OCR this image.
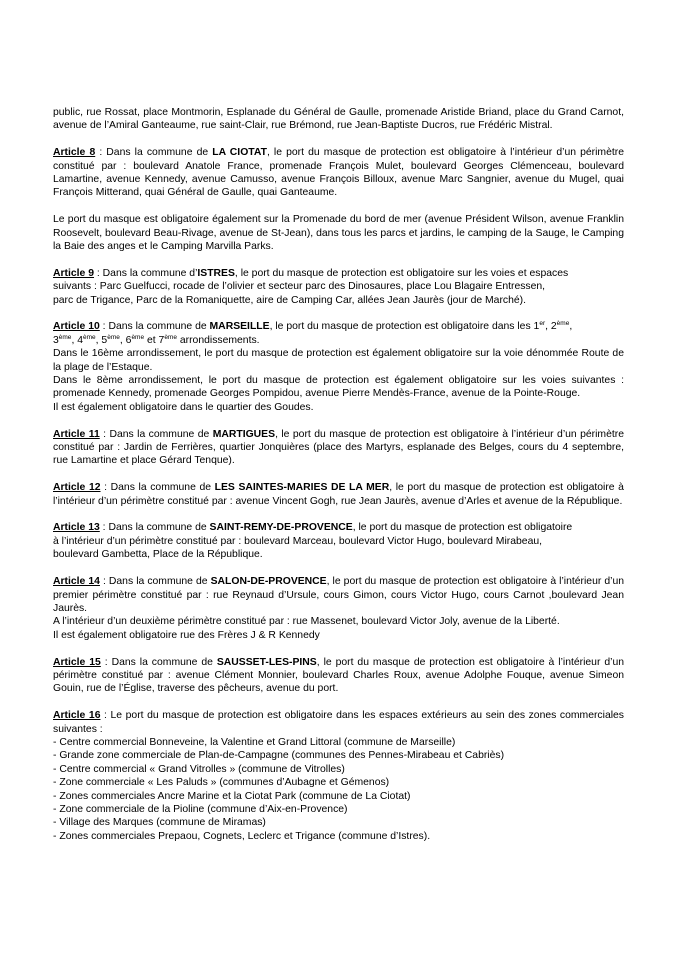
public, rue Rossat, place Montmorin, Esplanade du Général de Gaulle, promenade Aristide Briand, place du Grand Carnot, avenue de l’Amiral Ganteaume, rue saint-Clair, rue Brémond, rue Jean-Baptiste Ducros, rue Frédéric Mistral.

Article 8 : Dans la commune de LA CIOTAT, le port du masque de protection est obligatoire à l’intérieur d’un périmètre constitué par : boulevard Anatole France, promenade François Mulet, boulevard Georges Clémenceau, boulevard Lamartine, avenue Kennedy, avenue Camusso, avenue François Billoux, avenue Marc Sangnier, avenue du Mugel, quai François Mitterand, quai Général de Gaulle, quai Ganteaume.

Le port du masque est obligatoire également sur la Promenade du bord de mer (avenue Président Wilson, avenue Franklin Roosevelt, boulevard Beau-Rivage, avenue de St-Jean), dans tous les parcs et jardins, le camping de la Sauge, le Camping la Baie des anges et le Camping Marvilla Parks.

Article 9 : Dans la commune d’ISTRES, le port du masque de protection est obligatoire sur les voies et espaces
suivants : Parc Guelfucci, rocade de l’olivier et secteur parc des Dinosaures, place Lou Blagaire Entressen,
parc de Trigance, Parc de la Romaniquette, aire de Camping Car, allées Jean Jaurès (jour de Marché).

Article 10 : Dans la commune de MARSEILLE, le port du masque de protection est obligatoire dans les 1er, 2ème,
3ème, 4ème, 5ème, 6ème et 7ème arrondissements.
Dans le 16ème arrondissement, le port du masque de protection est également obligatoire sur la voie dénommée Route de la plage de l’Estaque.
Dans le 8ème arrondissement, le port du masque de protection est également obligatoire sur les voies suivantes : promenade Kennedy, promenade Georges Pompidou, avenue Pierre Mendès-France, avenue de la Pointe-Rouge.
Il est également obligatoire dans le quartier des Goudes.

Article 11 : Dans la commune de MARTIGUES, le port du masque de protection est obligatoire à l’intérieur d’un périmètre constitué par : Jardin de Ferrières, quartier Jonquières (place des Martyrs, esplanade des Belges, cours du 4 septembre, rue Lamartine et place Gérard Tenque).

Article 12 : Dans la commune de LES SAINTES-MARIES DE LA MER, le port du masque de protection est obligatoire à l’intérieur d’un périmètre constitué par : avenue Vincent Gogh, rue Jean Jaurès, avenue d’Arles et avenue de la République.

Article 13 : Dans la commune de SAINT-REMY-DE-PROVENCE, le port du masque de protection est obligatoire
à l’intérieur d’un périmètre constitué par : boulevard Marceau, boulevard Victor Hugo, boulevard Mirabeau,
boulevard Gambetta, Place de la République.

Article 14 : Dans la commune de SALON-DE-PROVENCE, le port du masque de protection est obligatoire à l’intérieur d’un premier périmètre constitué par : rue Reynaud d’Ursule, cours Gimon, cours Victor Hugo, cours Carnot ,boulevard Jean Jaurès.
A l’intérieur d’un deuxième périmètre constitué par : rue Massenet, boulevard Victor Joly, avenue de la Liberté.
Il est également obligatoire rue des Frères J & R Kennedy

Article 15 : Dans la commune de SAUSSET-LES-PINS, le port du masque de protection est obligatoire à l’intérieur d’un périmètre constitué par : avenue Clément Monnier, boulevard Charles Roux, avenue Adolphe Fouque, avenue Simeon Gouin, rue de l’Église, traverse des pêcheurs, avenue du port.

Article 16 : Le port du masque de protection est obligatoire dans les espaces extérieurs au sein des zones commerciales suivantes :

- Centre commercial Bonneveine, la Valentine et Grand Littoral (commune de Marseille)
- Grande zone commerciale de Plan-de-Campagne (communes des Pennes-Mirabeau et Cabriès)
- Centre commercial « Grand Vitrolles » (commune de Vitrolles)
- Zone commerciale « Les Paluds » (communes d’Aubagne et Gémenos)
- Zones commerciales Ancre Marine et la Ciotat Park (commune de La Ciotat)
- Zone commerciale de la Pioline (commune d’Aix-en-Provence)
- Village des Marques (commune de Miramas)
- Zones commerciales Prepaou, Cognets, Leclerc et Trigance (commune d’Istres).
